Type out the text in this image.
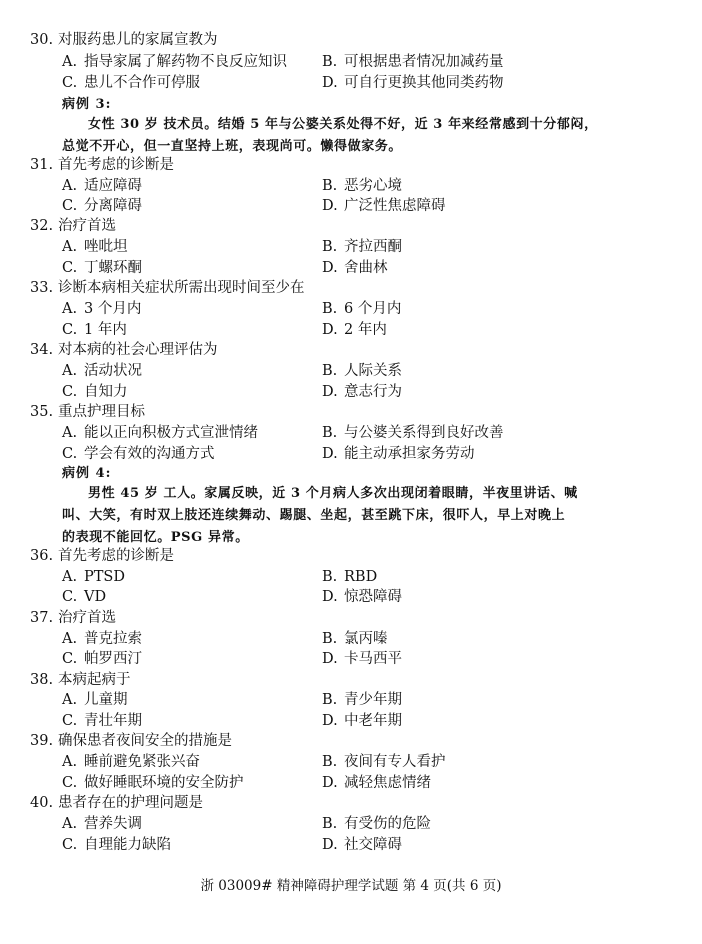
30. 对服药患儿的家属宣教为
A. 指导家属了解药物不良反应知识 B. 可根据患者情况加减药量
C. 患儿不合作可停服	D. 可自行更换其他同类药物
病例 3:
女性 30 岁 技术员。结婚 5 年与公婆关系处得不好，近 3 年来经常感到十分郁闷，
总觉不开心，但一直坚持上班，表现尚可。懒得做家务。
31. 首先考虑的诊断是
A. 适应障碍	B. 恶劣心境
C. 分离障碍	D. 广泛性焦虑障碍
32. 治疗首选
A. 唑吡坦	B. 齐拉西酮
C. 丁螺环酮	D. 舍曲林
33. 诊断本病相关症状所需出现时间至少在
A. 3 个月内	B. 6 个月内
C. 1 年内	D. 2 年内
34. 对本病的社会心理评估为
A. 活动状况	B. 人际关系
C. 自知力	D. 意志行为
35. 重点护理目标
A. 能以正向积极方式宣泄情绪	B. 与公婆关系得到良好改善
C. 学会有效的沟通方式	D. 能主动承担家务劳动
病例 4:
男性 45 岁 工人。家属反映，近 3 个月病人多次出现闭着眼睛，半夜里讲话、喊
叫、大笑，有时双上肢还连续舞动、踢腿、坐起，甚至跳下床，很吓人，早上对晚上
的表现不能回忆。PSG 异常。
36. 首先考虑的诊断是
A. PTSD	B. RBD
C. VD	D. 惊恐障碍
37. 治疗首选
A. 普克拉索	B. 氯丙嗪
C. 帕罗西汀	D. 卡马西平
38. 本病起病于
A. 儿童期	B. 青少年期
C. 青壮年期	D. 中老年期
39. 确保患者夜间安全的措施是
A. 睡前避免紧张兴奋	B. 夜间有专人看护
C. 做好睡眠环境的安全防护	D. 减轻焦虑情绪
40. 患者存在的护理问题是
A. 营养失调	B. 有受伤的危险
C. 自理能力缺陷	D. 社交障碍
浙 03009# 精神障碍护理学试题 第 4 页(共 6 页)
